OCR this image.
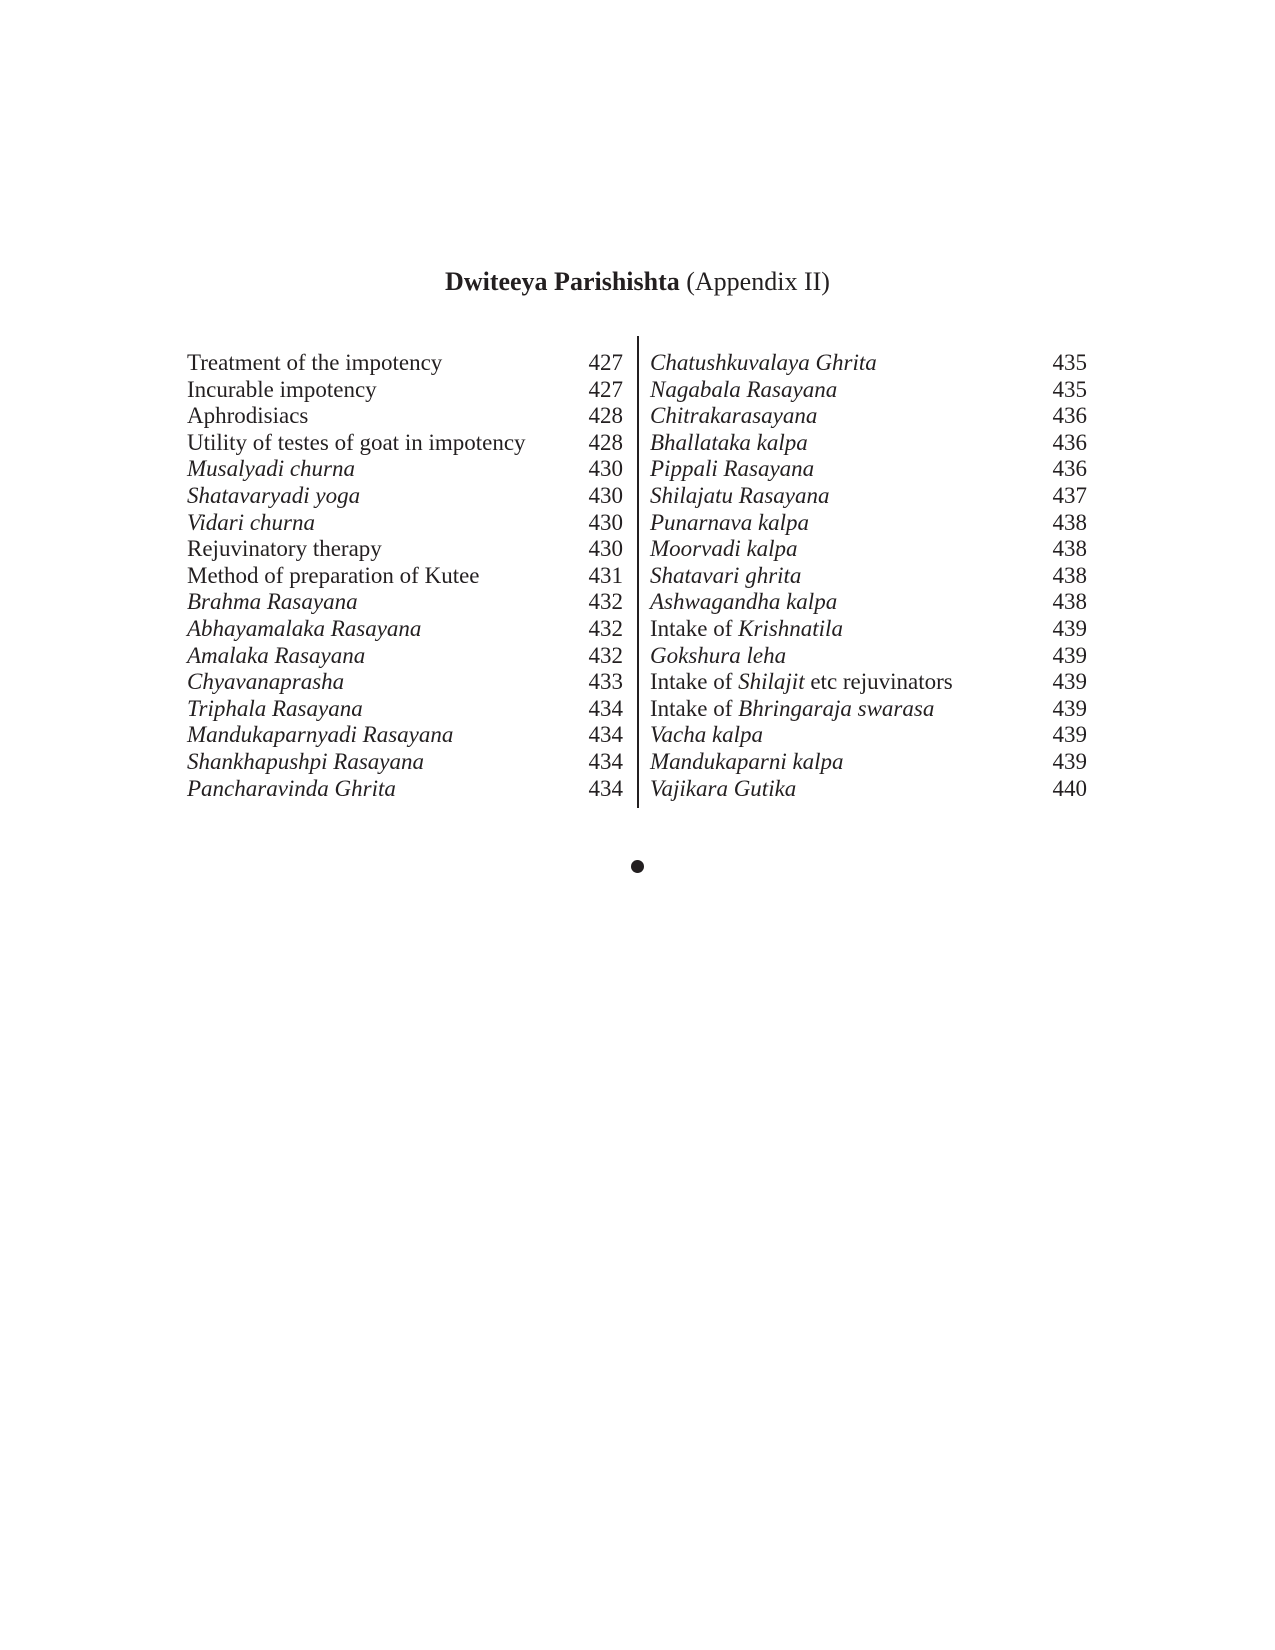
Dwiteeya Parishishta (Appendix II)
Treatment of the impotency	427
Incurable impotency	427
Aphrodisiacs	428
Utility of testes of goat in impotency	428
Musalyadi churna	430
Shatavaryadi yoga	430
Vidari churna	430
Rejuvinatory therapy	430
Method of preparation of Kutee	431
Brahma Rasayana	432
Abhayamalaka Rasayana	432
Amalaka Rasayana	432
Chyavanaprasha	433
Triphala Rasayana	434
Mandukaparnyadi Rasayana	434
Shankhapushpi Rasayana	434
Pancharavinda Ghrita	434
Chatushkuvalaya Ghrita	435
Nagabala Rasayana	435
Chitrakarasayana	436
Bhallataka kalpa	436
Pippali Rasayana	436
Shilajatu Rasayana	437
Punarnava kalpa	438
Moorvadi kalpa	438
Shatavari ghrita	438
Ashwagandha kalpa	438
Intake of Krishnatila	439
Gokshura leha	439
Intake of Shilajit etc rejuvinators	439
Intake of Bhringaraja swarasa	439
Vacha kalpa	439
Mandukaparni kalpa	439
Vajikara Gutika	440
